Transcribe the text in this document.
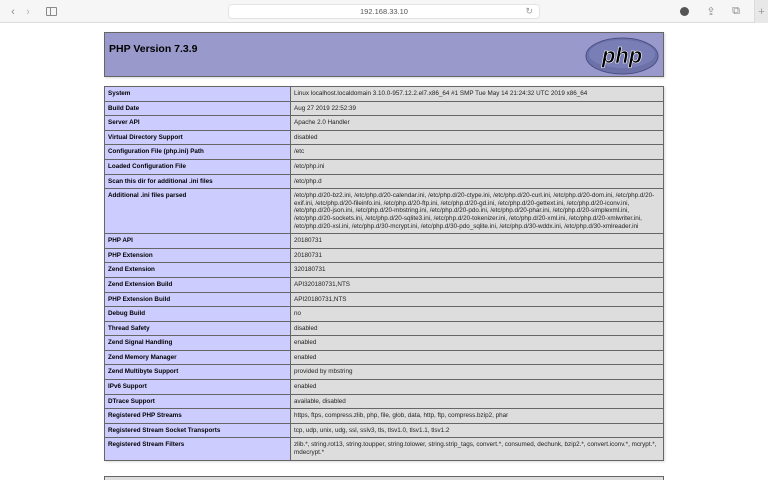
‹ ›	192.168.33.10	↻	⇪ ⧉ +
PHP Version 7.3.9	php
System	Linux localhost.localdomain 3.10.0-957.12.2.el7.x86_64 #1 SMP Tue May 14 21:24:32 UTC 2019 x86_64
Build Date	Aug 27 2019 22:52:39
Server API	Apache 2.0 Handler
Virtual Directory Support	disabled
Configuration File (php.ini) Path	/etc
Loaded Configuration File	/etc/php.ini
Scan this dir for additional .ini files	/etc/php.d
Additional .ini files parsed	/etc/php.d/20-bz2.ini, /etc/php.d/20-calendar.ini, /etc/php.d/20-ctype.ini, /etc/php.d/20-curl.ini, /etc/php.d/20-dom.ini, /etc/php.d/20-exif.ini, /etc/php.d/20-fileinfo.ini, /etc/php.d/20-ftp.ini, /etc/php.d/20-gd.ini, /etc/php.d/20-gettext.ini, /etc/php.d/20-iconv.ini, /etc/php.d/20-json.ini, /etc/php.d/20-mbstring.ini, /etc/php.d/20-pdo.ini, /etc/php.d/20-phar.ini, /etc/php.d/20-simplexml.ini, /etc/php.d/20-sockets.ini, /etc/php.d/20-sqlite3.ini, /etc/php.d/20-tokenizer.ini, /etc/php.d/20-xml.ini, /etc/php.d/20-xmlwriter.ini, /etc/php.d/20-xsl.ini, /etc/php.d/30-mcrypt.ini, /etc/php.d/30-pdo_sqlite.ini, /etc/php.d/30-wddx.ini, /etc/php.d/30-xmlreader.ini
PHP API	20180731
PHP Extension	20180731
Zend Extension	320180731
Zend Extension Build	API320180731,NTS
PHP Extension Build	API20180731,NTS
Debug Build	no
Thread Safety	disabled
Zend Signal Handling	enabled
Zend Memory Manager	enabled
Zend Multibyte Support	provided by mbstring
IPv6 Support	enabled
DTrace Support	available, disabled
Registered PHP Streams	https, ftps, compress.zlib, php, file, glob, data, http, ftp, compress.bzip2, phar
Registered Stream Socket Transports	tcp, udp, unix, udg, ssl, sslv3, tls, tlsv1.0, tlsv1.1, tlsv1.2
Registered Stream Filters	zlib.*, string.rot13, string.toupper, string.tolower, string.strip_tags, convert.*, consumed, dechunk, bzip2.*, convert.iconv.*, mcrypt.*, mdecrypt.*
